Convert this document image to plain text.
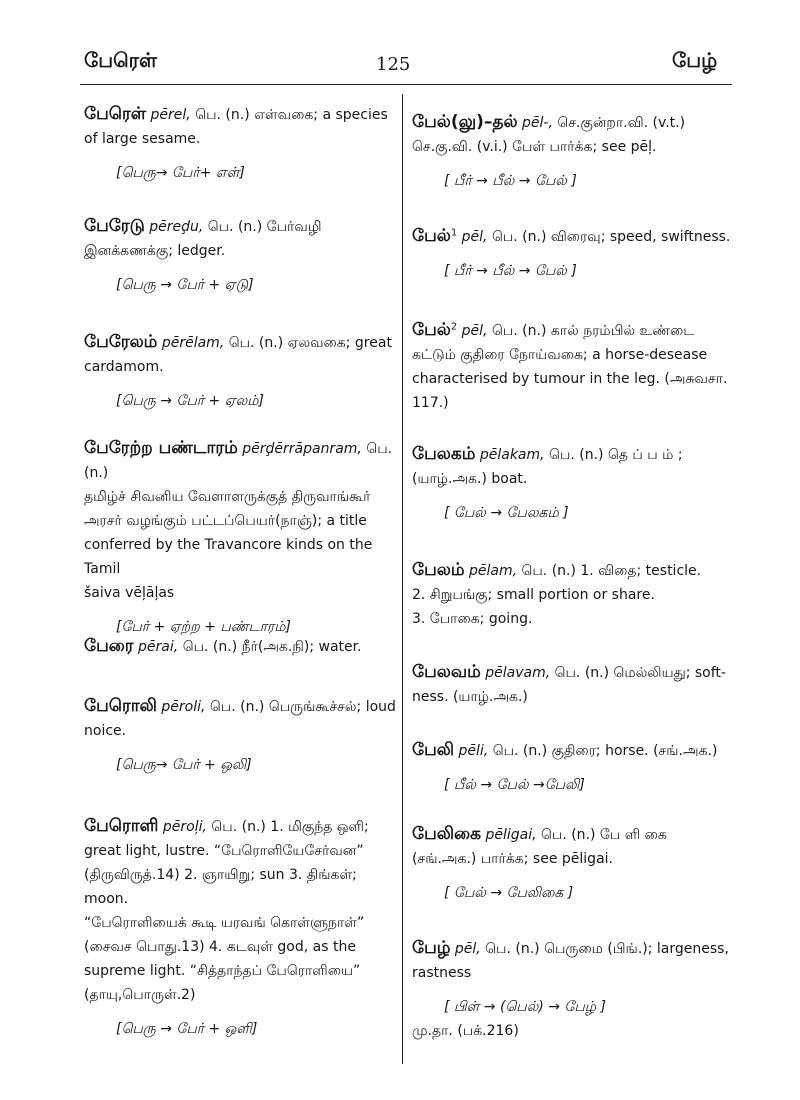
பேரெள்	125	பேழ்
பேரெள் pērel, பெ. (n.) எள்வகை; a species
of large sesame.
[பெரு→ பேர்+ எள்]
பேரேடு pēreḑu, பெ. (n.) பேர்வழி
இனக்கணக்கு; ledger.
[பெரு → பேர் + ஏடு]
பேரேலம் pērēlam, பெ. (n.) ஏலவகை; great
cardamom.
[பெரு → பேர் + ஏலம்]
பேரேற்ற பண்டாரம் pērḑērrāpanram, பெ. (n.)
தமிழ்ச் சிவனிய வேளாளருக்குத் திருவாங்கூர்
அரசர் வழங்கும் பட்டப்பெயர்(நாஞ்); a title
conferred by the Travancore kinds on the Tamil
šaiva vēļāļas
[பேர் + ஏற்ற + பண்டாரம்]
பேரை pērai, பெ. (n.) நீர்(அக.நி); water.
பேரொலி pēroli, பெ. (n.) பெருங்கூச்சல்; loud
noice.
[பெரு→ பேர் + ஒலி]
பேரொளி pēroļi, பெ. (n.) 1. மிகுந்த ஒளி;
great light, lustre. “பேரொளியேசேர்வன”
(திருவிருத்.14) 2. ஞாயிறு; sun 3. திங்கள்; moon.
“பேரொளியைக் கூடி யரவங் கொள்ளுநாள்”
(சைவச பொது.13) 4. கடவுள் god, as the
supreme light. “சித்தாந்தப் பேரொளியை”
(தாயு,பொருள்.2)
[பெரு → பேர் + ஒளி]
பேல்(லு)–தல் pēl-, செ.குன்றா.வி. (v.t.)
செ.கு.வி. (v.i.) பேள் பார்க்க; see pēļ.
[ பீர் → பீல் → பேல் ]
பேல்$^1$ pēl, பெ. (n.) விரைவு; speed, swiftness.
[ பீர் → பீல் → பேல் ]
பேல்$^2$ pēl, பெ. (n.) கால் நரம்பில் உண்டை
கட்டும் குதிரை நோய்வகை; a horse-desease
characterised by tumour in the leg. (அசுவசா.
117.)
பேலகம் pēlakam, பெ. (n.) தெ ப் ப ம் ;
(யாழ்.அக.) boat.
[ பேல் → பேலகம் ]
பேலம் pēlam, பெ. (n.) 1. விதை; testicle.
2. சிறுபங்கு; small portion or share.
3. போகை; going.
பேலவம் pēlavam, பெ. (n.) மெல்லியது; soft-
ness. (யாழ்.அக.)
பேலி pēli, பெ. (n.) குதிரை; horse. (சங்.அக.)
[ பீல் → பேல் →பேலி]
பேலிகை pēligai, பெ. (n.) பே ளி கை
(சங்.அக.) பார்க்க; see pēligai.
[ பேல் → பேலிகை ]
பேழ் pēl, பெ. (n.) பெருமை (பிங்.); largeness,
rastness
[ பிள் → (பெல்) → பேழ் ]
மு.தா. (பக்.216)
